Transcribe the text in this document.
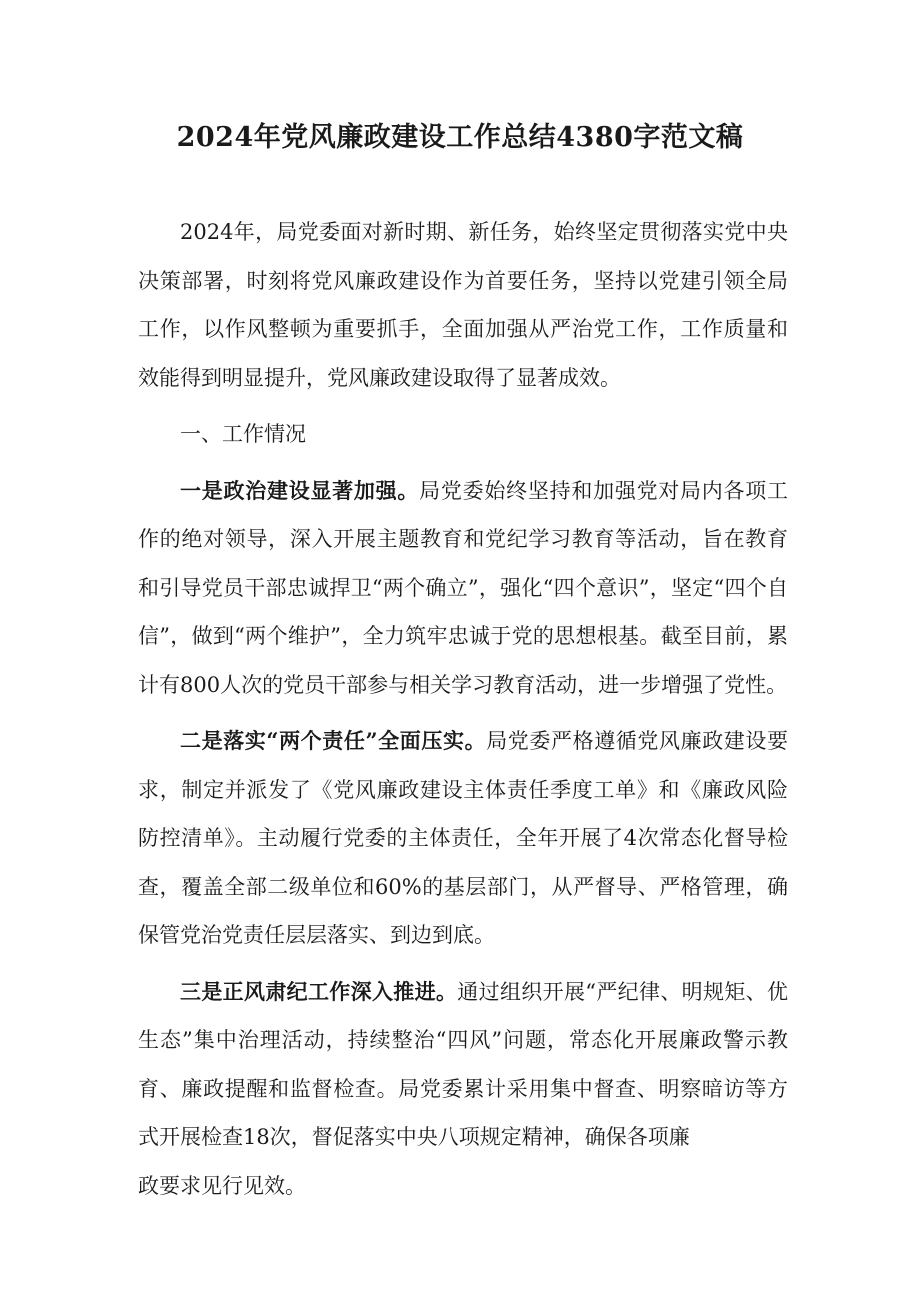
2024年党风廉政建设工作总结4380字范文稿

2024年，局党委面对新时期、新任务，始终坚定贯彻落实党中央决策部署，时刻将党风廉政建设作为首要任务，坚持以党建引领全局工作，以作风整顿为重要抓手，全面加强从严治党工作，工作质量和效能得到明显提升，党风廉政建设取得了显著成效。

一、工作情况

一是政治建设显著加强。局党委始终坚持和加强党对局内各项工作的绝对领导，深入开展主题教育和党纪学习教育等活动，旨在教育和引导党员干部忠诚捍卫“两个确立”，强化“四个意识”，坚定“四个自信”，做到“两个维护”，全力筑牢忠诚于党的思想根基。截至目前，累计有800人次的党员干部参与相关学习教育活动，进一步增强了党性。

二是落实“两个责任”全面压实。局党委严格遵循党风廉政建设要求，制定并派发了《党风廉政建设主体责任季度工单》和《廉政风险防控清单》。主动履行党委的主体责任，全年开展了4次常态化督导检查，覆盖全部二级单位和60%的基层部门，从严督导、严格管理，确保管党治党责任层层落实、到边到底。

三是正风肃纪工作深入推进。通过组织开展“严纪律、明规矩、优生态”集中治理活动，持续整治“四风”问题，常态化开展廉政警示教育、廉政提醒和监督检查。局党委累计采用集中督查、明察暗访等方式开展检查18次，督促落实中央八项规定精神，确保各项廉

政要求见行见效。
